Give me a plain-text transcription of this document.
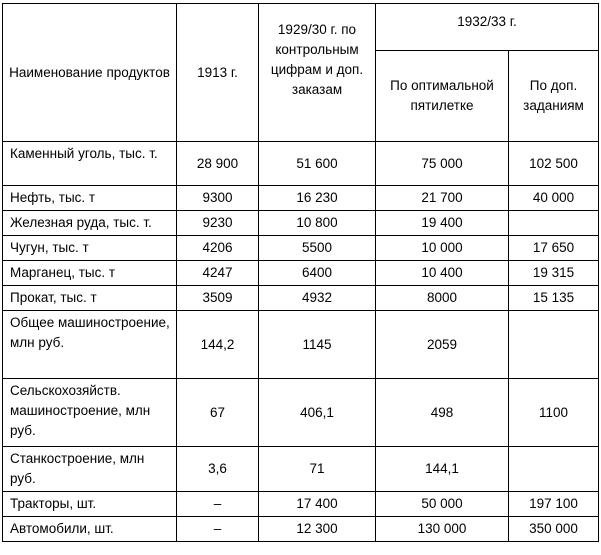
Наименование продуктов	1913 г.	1929/30 г. по контрольным цифрам и доп. заказам	1932/33 г.	
			По оптимальной пятилетке	По доп. заданиям
Каменный уголь, тыс. т.	28 900	51 600	75 000	102 500
Нефть, тыс. т	9300	16 230	21 700	40 000
Железная руда, тыс. т.	9230	10 800	19 400	
Чугун, тыс. т	4206	5500	10 000	17 650
Марганец, тыс. т	4247	6400	10 400	19 315
Прокат, тыс. т	3509	4932	8000	15 135
Общее машиностроение, млн руб.	144,2	1145	2059	
Сельскохозяйств. машиностроение, млн руб.	67	406,1	498	1100
Станкостроение, млн руб.	3,6	71	144,1	
Тракторы, шт.	–	17 400	50 000	197 100
Автомобили, шт.	–	12 300	130 000	350 000
